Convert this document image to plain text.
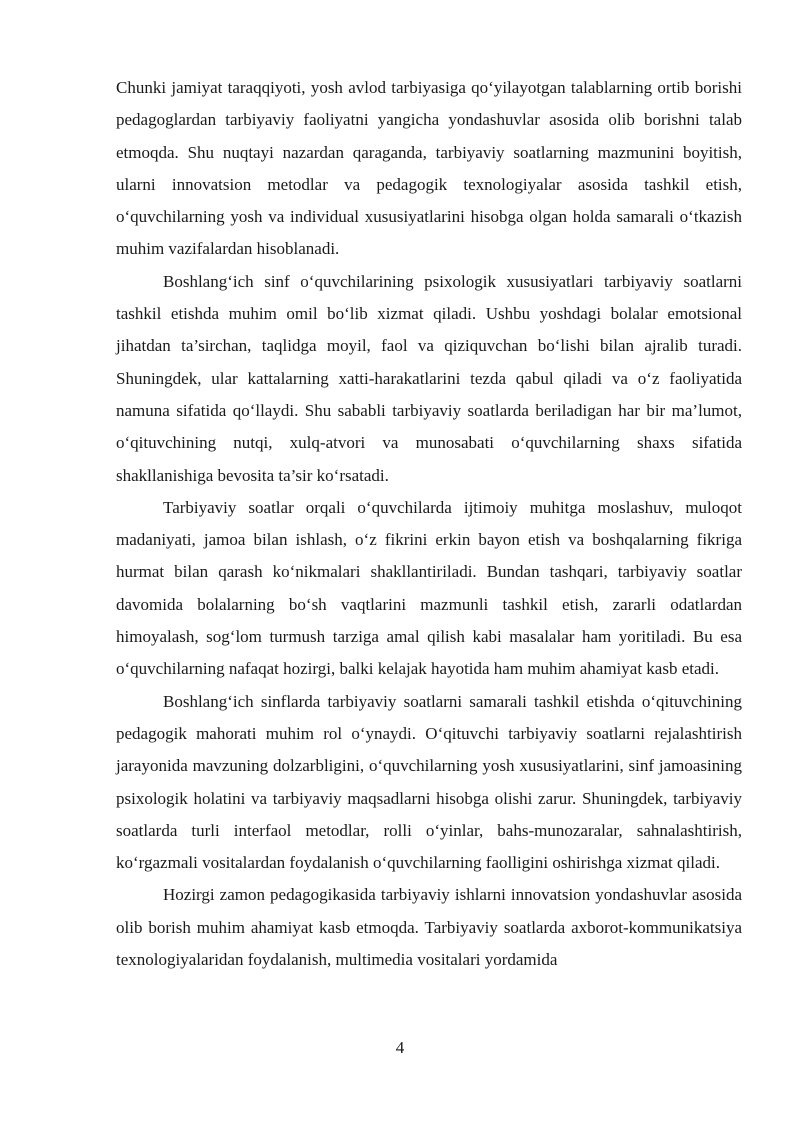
Chunki jamiyat taraqqiyoti, yosh avlod tarbiyasiga qo‘yilayotgan talablarning ortib borishi pedagoglardan tarbiyaviy faoliyatni yangicha yondashuvlar asosida olib borishni talab etmoqda. Shu nuqtayi nazardan qaraganda, tarbiyaviy soatlarning mazmunini boyitish, ularni innovatsion metodlar va pedagogik texnologiyalar asosida tashkil etish, o‘quvchilarning yosh va individual xususiyatlarini hisobga olgan holda samarali o‘tkazish muhim vazifalardan hisoblanadi.

Boshlang‘ich sinf o‘quvchilarining psixologik xususiyatlari tarbiyaviy soatlarni tashkil etishda muhim omil bo‘lib xizmat qiladi. Ushbu yoshdagi bolalar emotsional jihatdan ta’sirchan, taqlidga moyil, faol va qiziquvchan bo‘lishi bilan ajralib turadi. Shuningdek, ular kattalarning xatti-harakatlarini tezda qabul qiladi va o‘z faoliyatida namuna sifatida qo‘llaydi. Shu sababli tarbiyaviy soatlarda beriladigan har bir ma’lumot, o‘qituvchining nutqi, xulq-atvori va munosabati o‘quvchilarning shaxs sifatida shakllanishiga bevosita ta’sir ko‘rsatadi.

Tarbiyaviy soatlar orqali o‘quvchilarda ijtimoiy muhitga moslashuv, muloqot madaniyati, jamoa bilan ishlash, o‘z fikrini erkin bayon etish va boshqalarning fikriga hurmat bilan qarash ko‘nikmalari shakllantiriladi. Bundan tashqari, tarbiyaviy soatlar davomida bolalarning bo‘sh vaqtlarini mazmunli tashkil etish, zararli odatlardan himoyalash, sog‘lom turmush tarziga amal qilish kabi masalalar ham yoritiladi. Bu esa o‘quvchilarning nafaqat hozirgi, balki kelajak hayotida ham muhim ahamiyat kasb etadi.

Boshlang‘ich sinflarda tarbiyaviy soatlarni samarali tashkil etishda o‘qituvchining pedagogik mahorati muhim rol o‘ynaydi. O‘qituvchi tarbiyaviy soatlarni rejalashtirish jarayonida mavzuning dolzarbligini, o‘quvchilarning yosh xususiyatlarini, sinf jamoasining psixologik holatini va tarbiyaviy maqsadlarni hisobga olishi zarur. Shuningdek, tarbiyaviy soatlarda turli interfaol metodlar, rolli o‘yinlar, bahs-munozaralar, sahnalashtirish, ko‘rgazmali vositalardan foydalanish o‘quvchilarning faolligini oshirishga xizmat qiladi.

Hozirgi zamon pedagogikasida tarbiyaviy ishlarni innovatsion yondashuvlar asosida olib borish muhim ahamiyat kasb etmoqda. Tarbiyaviy soatlarda axborot-kommunikatsiya texnologiyalaridan foydalanish, multimedia vositalari yordamida

4
